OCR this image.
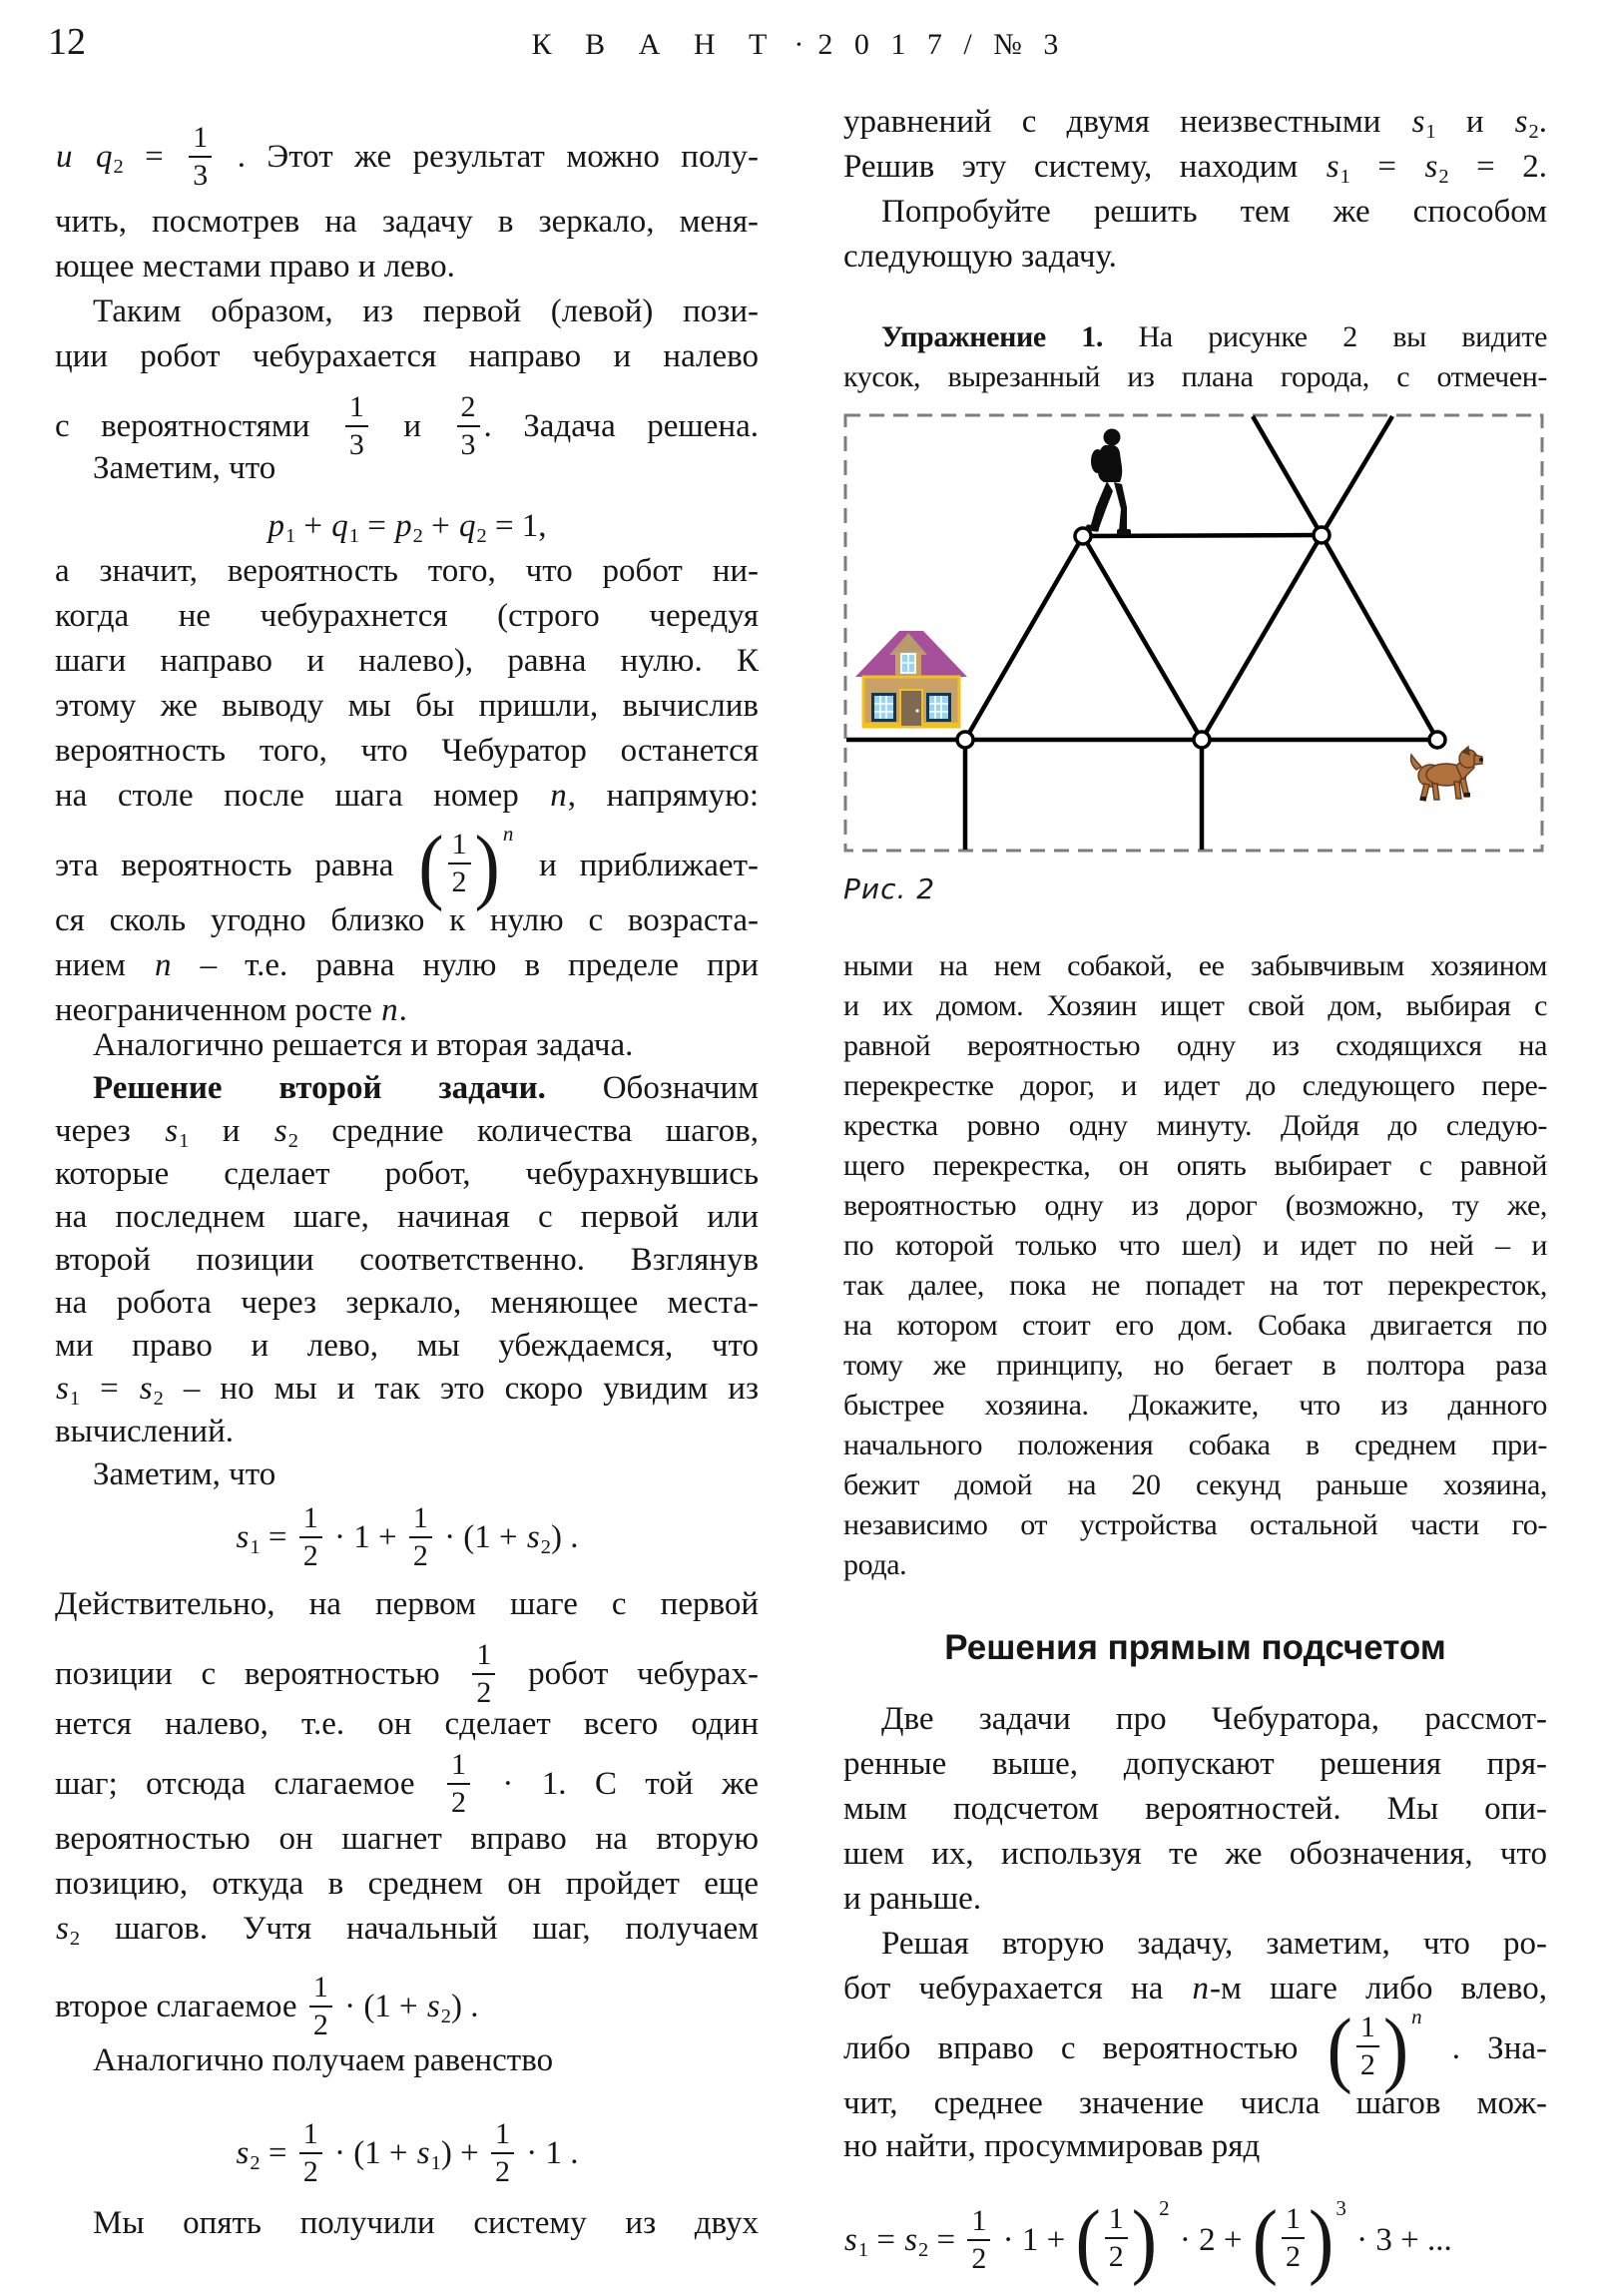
12	К В А Н Т · 2 0 1 7 / № 3
и $q_2 = \frac{1}{3}$ . Этот же результат можно полу-
чить, посмотрев на задачу в зеркало, меня-
ющее местами право и лево.
Таким образом, из первой (левой) пози-
ции робот чебурахается направо и налево
с вероятностями $\frac{1}{3}$ и $\frac{2}{3}$ . Задача решена.
Заметим, что
$p_1 + q_1 = p_2 + q_2 = 1$,
а значит, вероятность того, что робот ни-
когда не чебурахнется (строго чередуя
шаги направо и налево), равна нулю. К
этому же выводу мы бы пришли, вычислив
вероятность того, что Чебуратор останется
на столе после шага номер n, напрямую:
эта вероятность равна ( 1
2 ) n
и приближает-
ся сколь угодно близко к нулю с возраста-
нием n – т.е. равна нулю в пределе при
неограниченном росте n.
Аналогично решается и вторая задача.
Решение второй задачи. Обозначим
через $s_1$ и $s_2$ средние количества шагов,
которые сделает робот, чебурахнувшись
на последнем шаге, начиная с первой или
второй позиции соответственно. Взглянув
на робота через зеркало, меняющее места-
ми право и лево, мы убеждаемся, что
$s_1 = s_2$ – но мы и так это скоро увидим из
вычислений.
Заметим, что
$s_1 = \frac{1}{2} \cdot 1 + \frac{1}{2} \cdot (1 + s_2)$ .
Действительно, на первом шаге с первой
позиции с вероятностью $\frac{1}{2}$ робот чебурах-
нется налево, т.е. он сделает всего один
шаг; отсюда слагаемое $\frac{1}{2} \cdot 1$. С той же
вероятностью он шагнет вправо на вторую
позицию, откуда в среднем он пройдет еще
$s_2$ шагов. Учтя начальный шаг, получаем
второе слагаемое $\frac{1}{2} \cdot (1 + s_2)$ .
Аналогично получаем равенство
$s_2 = \frac{1}{2} \cdot (1 + s_1) + \frac{1}{2} \cdot 1$ .
Мы опять получили систему из двух
уравнений с двумя неизвестными $s_1$ и $s_2$.
Решив эту систему, находим $s_1 = s_2 = 2$.
Попробуйте решить тем же способом
следующую задачу.
Упражнение 1. На рисунке 2 вы видите
кусок, вырезанный из плана города, с отмечен-
Рис. 2
ными на нем собакой, ее забывчивым хозяином
и их домом. Хозяин ищет свой дом, выбирая с
равной вероятностью одну из сходящихся на
перекрестке дорог, и идет до следующего пере-
крестка ровно одну минуту. Дойдя до следую-
щего перекрестка, он опять выбирает с равной
вероятностью одну из дорог (возможно, ту же,
по которой только что шел) и идет по ней – и
так далее, пока не попадет на тот перекресток,
на котором стоит его дом. Собака двигается по
тому же принципу, но бегает в полтора раза
быстрее хозяина. Докажите, что из данного
начального положения собака в среднем при-
бежит домой на 20 секунд раньше хозяина,
независимо от устройства остальной части го-
рода.
Решения прямым подсчетом
Две задачи про Чебуратора, рассмот-
ренные выше, допускают решения пря-
мым подсчетом вероятностей. Мы опи-
шем их, используя те же обозначения, что
и раньше.
Решая вторую задачу, заметим, что ро-
бот чебурахается на n-м шаге либо влево,
либо вправо с вероятностью ( 1
2 ) n
. Зна-
чит, среднее значение числа шагов мож-
но найти, просуммировав ряд
$s_1 = s_2 = \frac{1}{2} \cdot 1$ + ( 1
2 ) 2
· 2 + ( 1
2 ) 3
· 3 + ...
